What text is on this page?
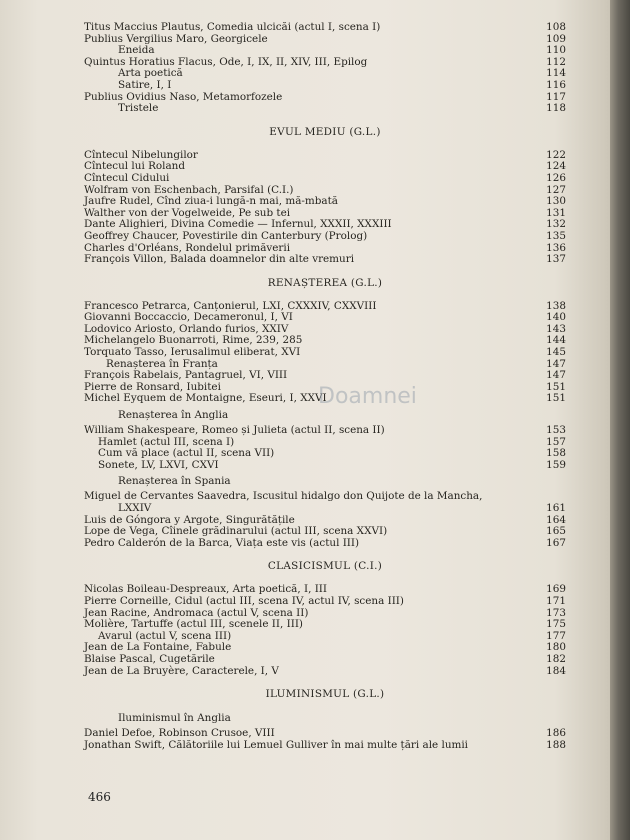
Titus Maccius Plautus, Comedia ulcicăi (actul I, scena I)	108
Publius Vergilius Maro, Georgicele	109
Eneida	110
Quintus Horatius Flacus, Ode, I, IX, II, XIV, III, Epilog	112
Arta poetică	114
Satire, I, I	116
Publius Ovidius Naso, Metamorfozele	117
Tristele	118
EVUL MEDIU (G.L.)
Cîntecul Nibelungilor	122
Cîntecul lui Roland	124
Cîntecul Cidului	126
Wolfram von Eschenbach, Parsifal (C.I.)	127
Jaufre Rudel, Cînd ziua-i lungă-n mai, mă-mbată	130
Walther von der Vogelweide, Pe sub tei	131
Dante Alighieri, Divina Comedie — Infernul, XXXII, XXXIII	132
Geoffrey Chaucer, Povestirile din Canterbury (Prolog)	135
Charles d'Orléans, Rondelul primăverii	136
François Villon, Balada doamnelor din alte vremuri	137
RENAȘTEREA (G.L.)
Francesco Petrarca, Canțonierul, LXI, CXXXIV, CXXVIII	138
Giovanni Boccaccio, Decameronul, I, VI	140
Lodovico Ariosto, Orlando furios, XXIV	143
Michelangelo Buonarroti, Rime, 239, 285	144
Torquato Tasso, Ierusalimul eliberat, XVI	145
Renașterea în Franța	147
François Rabelais, Pantagruel, VI, VIII	147
Pierre de Ronsard, Iubitei	151
Michel Eyquem de Montaigne, Eseuri, I, XXVI	151
Renașterea în Anglia
William Shakespeare, Romeo și Julieta (actul II, scena II)	153
Hamlet (actul III, scena I)	157
Cum vă place (actul II, scena VII)	158
Sonete, LV, LXVI, CXVI	159
Renașterea în Spania
Miguel de Cervantes Saavedra, Iscusitul hidalgo don Quijote de la Mancha,
LXXIV	161
Luis de Góngora y Argote, Singurătățile	164
Lope de Vega, Cîinele grădinarului (actul III, scena XXVI)	165
Pedro Calderón de la Barca, Viața este vis (actul III)	167
CLASICISMUL (C.I.)
Nicolas Boileau-Despreaux, Arta poetică, I, III	169
Pierre Corneille, Cidul (actul III, scena IV, actul IV, scena III)	171
Jean Racine, Andromaca (actul V, scena II)	173
Molière, Tartuffe (actul III, scenele II, III)	175
Avarul (actul V, scena III)	177
Jean de La Fontaine, Fabule	180
Blaise Pascal, Cugetările	182
Jean de La Bruyère, Caracterele, I, V	184
ILUMINISMUL (G.L.)
Iluminismul în Anglia
Daniel Defoe, Robinson Crusoe, VIII	186
Jonathan Swift, Călătoriile lui Lemuel Gulliver în mai multe țări ale lumii	188
Doamnei
466
